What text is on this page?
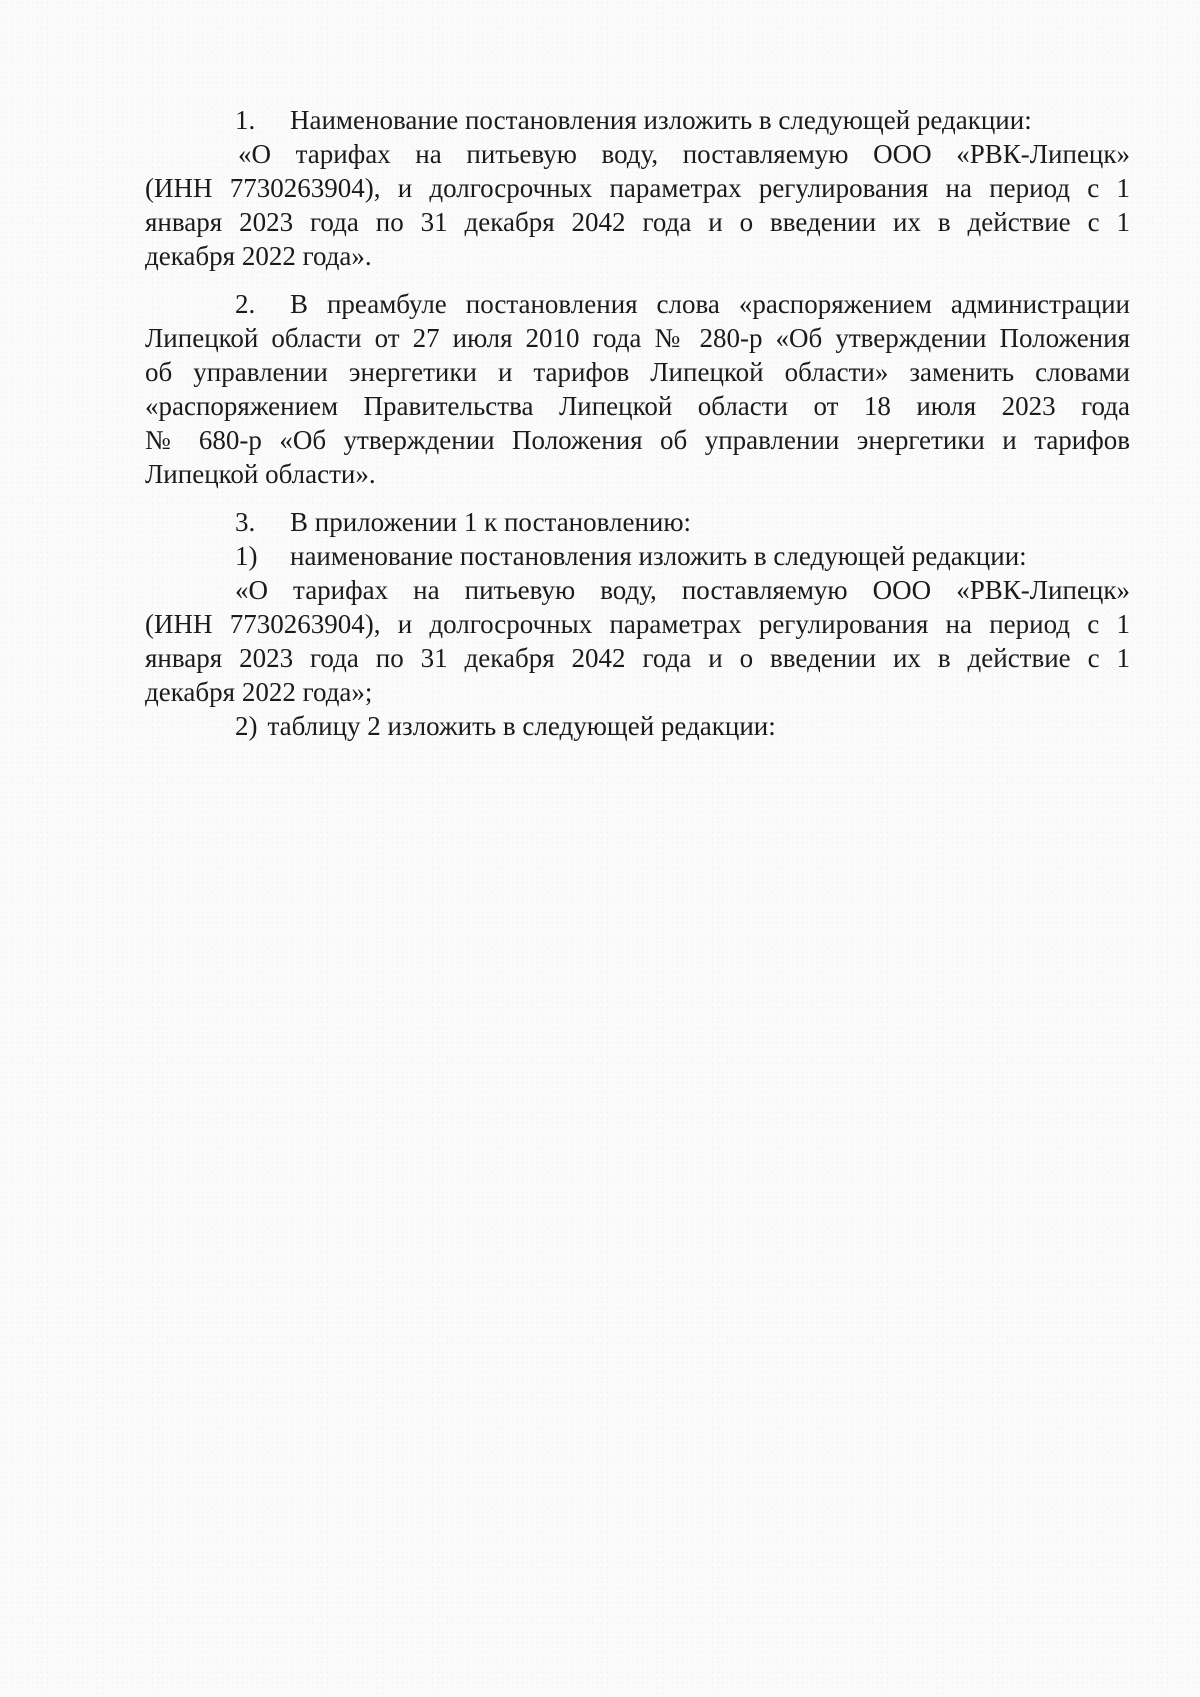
1.	Наименование постановления изложить в следующей редакции:
«О тарифах на питьевую воду, поставляемую ООО «РВК-Липецк»
(ИНН 7730263904), и долгосрочных параметрах регулирования на период с 1
января 2023 года по 31 декабря 2042 года и о введении их в действие с 1
декабря 2022 года».
2. В преамбуле постановления слова «распоряжением администрации
Липецкой области от 27 июля 2010 года № 280-р «Об утверждении Положения
об управлении энергетики и тарифов Липецкой области» заменить словами
«распоряжением Правительства Липецкой области от 18 июля 2023 года
№ 680-р «Об утверждении Положения об управлении энергетики и тарифов
Липецкой области».
3.	В приложении 1 к постановлению:
1)	наименование постановления изложить в следующей редакции:
«О тарифах на питьевую воду, поставляемую ООО «РВК-Липецк»
(ИНН 7730263904), и долгосрочных параметрах регулирования на период с 1
января 2023 года по 31 декабря 2042 года и о введении их в действие с 1
декабря 2022 года»;
2) таблицу 2 изложить в следующей редакции:
